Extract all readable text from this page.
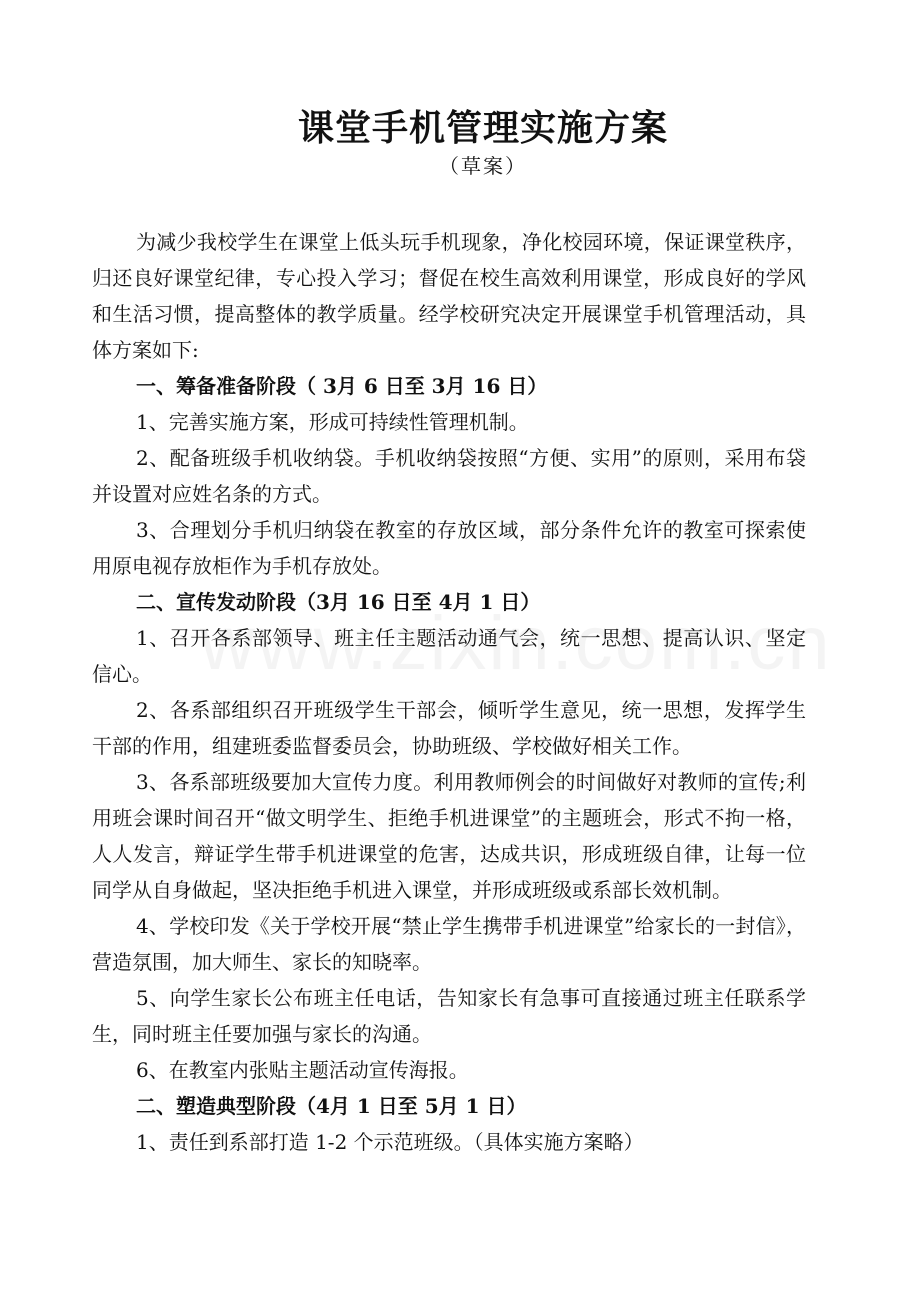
课堂手机管理实施方案
（草案）

为减少我校学生在课堂上低头玩手机现象，净化校园环境，保证课堂秩序，归还良好课堂纪律，专心投入学习；督促在校生高效利用课堂，形成良好的学风和生活习惯，提高整体的教学质量。经学校研究决定开展课堂手机管理活动，具体方案如下:

一、筹备准备阶段（ 3月 6 日至 3月 16 日）

1、完善实施方案，形成可持续性管理机制。

2、配备班级手机收纳袋。手机收纳袋按照“方便、实用”的原则，采用布袋并设置对应姓名条的方式。

3、合理划分手机归纳袋在教室的存放区域，部分条件允许的教室可探索使用原电视存放柜作为手机存放处。

二、宣传发动阶段（3月 16 日至 4月 1 日）

1、召开各系部领导、班主任主题活动通气会，统一思想、提高认识、坚定信心。

2、各系部组织召开班级学生干部会，倾听学生意见，统一思想，发挥学生干部的作用，组建班委监督委员会，协助班级、学校做好相关工作。

3、各系部班级要加大宣传力度。利用教师例会的时间做好对教师的宣传;利用班会课时间召开“做文明学生、拒绝手机进课堂”的主题班会，形式不拘一格，人人发言，辩证学生带手机进课堂的危害，达成共识，形成班级自律，让每一位同学从自身做起，坚决拒绝手机进入课堂，并形成班级或系部长效机制。

4、学校印发《关于学校开展“禁止学生携带手机进课堂”给家长的一封信》，营造氛围，加大师生、家长的知晓率。

5、向学生家长公布班主任电话，告知家长有急事可直接通过班主任联系学生，同时班主任要加强与家长的沟通。

6、在教室内张贴主题活动宣传海报。

二、塑造典型阶段（4月 1 日至 5月 1 日）

1、责任到系部打造 1-2 个示范班级。（具体实施方案略）
